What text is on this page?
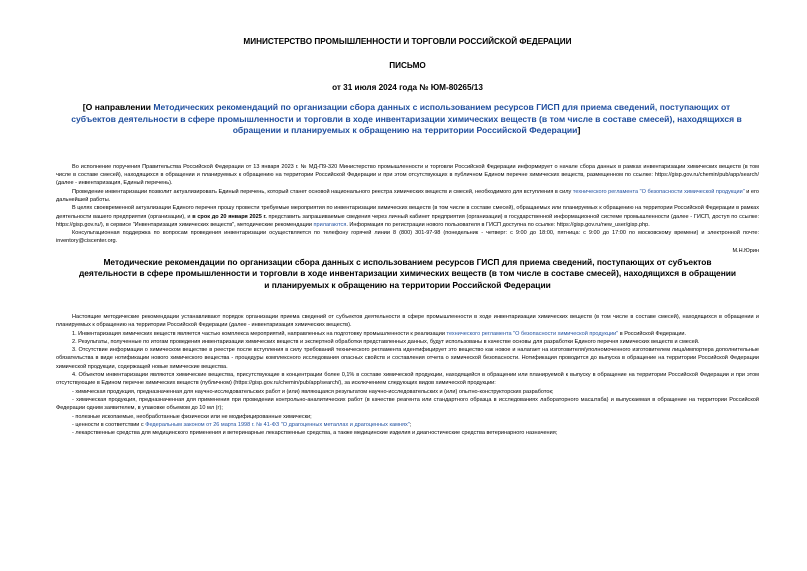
МИНИСТЕРСТВО ПРОМЫШЛЕННОСТИ И ТОРГОВЛИ РОССИЙСКОЙ ФЕДЕРАЦИИ
ПИСЬМО
от 31 июля 2024 года № ЮМ-80265/13
[О направлении Методических рекомендаций по организации сбора данных с использованием ресурсов ГИСП для приема сведений, поступающих от субъектов деятельности в сфере промышленности и торговли в ходе инвентаризации химических веществ (в том числе в составе смесей), находящихся в обращении и планируемых к обращению на территории Российской Федерации]

Во исполнение поручения Правительства Российской Федерации от 13 января 2023 г. № МД-П9-320 Министерство промышленности и торговли Российской Федерации информирует о начале сбора данных в рамках инвентаризации химических веществ (в том числе в составе смесей), находящихся в обращении и планируемых к обращению на территории Российской Федерации и при этом отсутствующих в публичном Едином перечне химических веществ, размещенном по ссылке: https://gisp.gov.ru/chemin/pub/app/search/ (далее - инвентаризация, Единый перечень).

Проведение инвентаризации позволит актуализировать Единый перечень, который станет основой национального реестра химических веществ и смесей, необходимого для вступления в силу технического регламента "О безопасности химической продукции" и его дальнейшей работы.

В целях своевременной актуализации Единого перечня прошу провести требуемые мероприятия по инвентаризации химических веществ (в том числе в составе смесей), обращаемых или планируемых к обращению на территории Российской Федерации в рамках деятельности вашего предприятия (организации), и в срок до 20 января 2025 г. представить запрашиваемые сведения через личный кабинет предприятия (организации) в государственной информационной системе промышленности (далее - ГИСП, доступ по ссылке: https://gisp.gov.ru/), в сервисе "Инвентаризация химических веществ", методические рекомендации прилагаются. Информация по регистрации нового пользователя в ГИСП доступна по ссылке: https://gisp.gov.ru/new_user/gisp.php.

Консультационная поддержка по вопросам проведения инвентаризации осуществляется по телефону горячей линии 8 (800) 301-97-98 (понедельник - четверг: с 9:00 до 18:00, пятница: с 9:00 до 17:00 по московскому времени) и электронной почте: inventory@ciscenter.org.

М.Н.Юрин
Методические рекомендации по организации сбора данных с использованием ресурсов ГИСП для приема сведений, поступающих от субъектов деятельности в сфере промышленности и торговли в ходе инвентаризации химических веществ (в том числе в составе смесей), находящихся в обращении и планируемых к обращению на территории Российской Федерации

Настоящие методические рекомендации устанавливают порядок организации приема сведений от субъектов деятельности в сфере промышленности в ходе инвентаризации химических веществ (в том числе в составе смесей), находящихся в обращении и планируемых к обращению на территории Российской Федерации (далее - инвентаризация химических веществ).

1. Инвентаризация химических веществ является частью комплекса мероприятий, направленных на подготовку промышленности к реализации технического регламента "О безопасности химической продукции" в Российской Федерации.

2. Результаты, полученные по итогам проведения инвентаризации химических веществ и экспертной обработки представленных данных, будут использованы в качестве основы для разработки Единого перечня химических веществ и смесей.

3. Отсутствие информации о химическом веществе в реестре после вступления в силу требований технического регламента идентифицирует это вещество как новое и налагает на изготовителя/уполномоченного изготовителем лица/импортера дополнительные обязательства в виде нотификации нового химического вещества - процедуры комплексного исследования опасных свойств и составления отчета о химической безопасности. Нотификация проводится до выпуска в обращение на территории Российской Федерации химической продукции, содержащей новые химические вещества.

4. Объектом инвентаризации являются химические вещества, присутствующие в концентрации более 0,1% в составе химической продукции, находящейся в обращении или планируемой к выпуску в обращение на территории Российской Федерации и при этом отсутствующие в Едином перечне химических веществ (публичном) (https://gisp.gov.ru/chemin/pub/app/search/), за исключением следующих видов химической продукции:

- химическая продукция, предназначенная для научно-исследовательских работ и (или) являющаяся результатом научно-исследовательских и (или) опытно-конструкторских разработок;

- химическая продукция, предназначенная для применения при проведении контрольно-аналитических работ (в качестве реагента или стандартного образца в исследованиях лабораторного масштаба) и выпускаемая в обращение на территории Российской Федерации одним заявителем, в упаковке объемом до 10 мл (г);

- полезные ископаемые, необработанные физически или не модифицированные химически;

- ценности в соответствии с Федеральным законом от 26 марта 1998 г. № 41-ФЗ "О драгоценных металлах и драгоценных камнях";

- лекарственные средства для медицинского применения и ветеринарные лекарственные средства, а также медицинские изделия и диагностические средства ветеринарного назначения;
